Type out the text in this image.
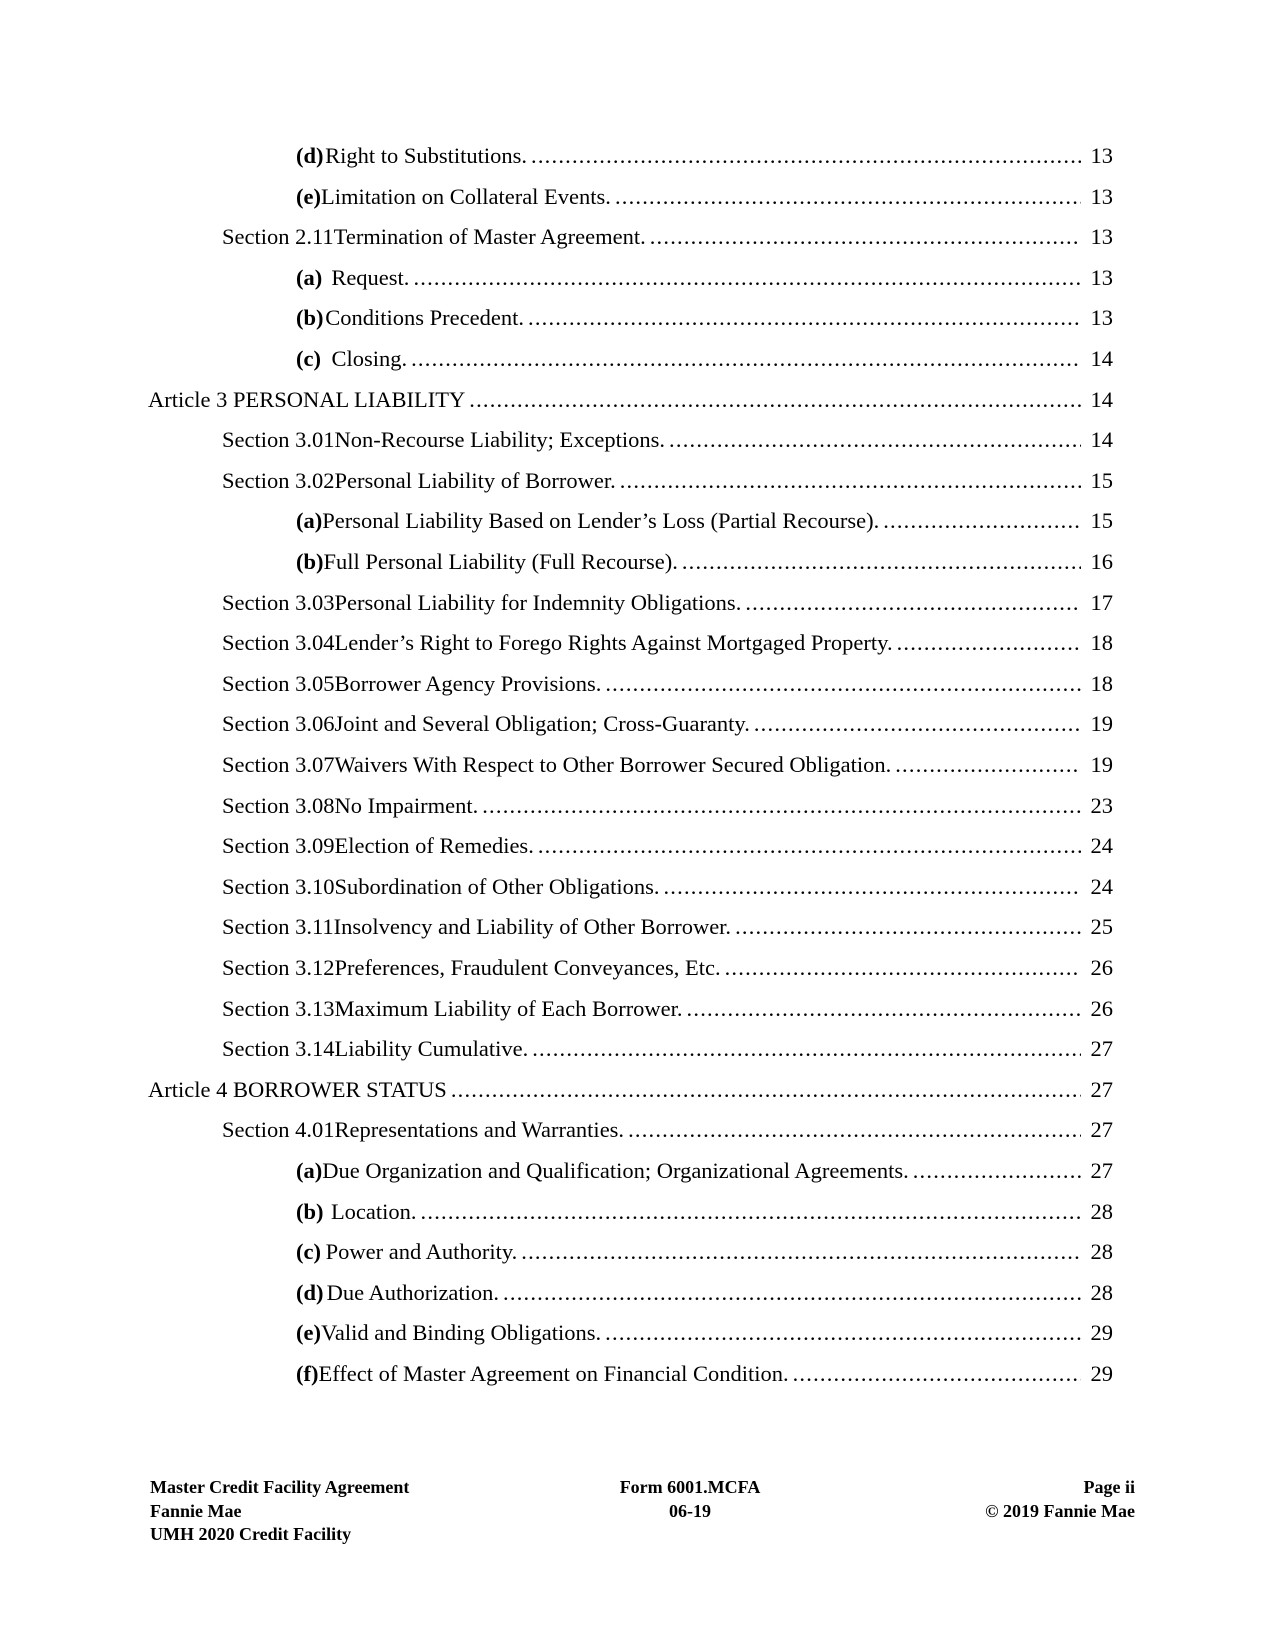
(d) Right to Substitutions. .....	13
(e) Limitation on Collateral Events. .....	13
Section 2.11 Termination of Master Agreement. .....	13
(a) Request. .....	13
(b) Conditions Precedent. .....	13
(c) Closing. .....	14
Article 3 PERSONAL LIABILITY .....	14
Section 3.01 Non-Recourse Liability; Exceptions. .....	14
Section 3.02 Personal Liability of Borrower. .....	15
(a) Personal Liability Based on Lender’s Loss (Partial Recourse). .....	15
(b) Full Personal Liability (Full Recourse). .....	16
Section 3.03 Personal Liability for Indemnity Obligations. .....	17
Section 3.04 Lender’s Right to Forego Rights Against Mortgaged Property. .....	18
Section 3.05 Borrower Agency Provisions. .....	18
Section 3.06 Joint and Several Obligation; Cross-Guaranty. .....	19
Section 3.07 Waivers With Respect to Other Borrower Secured Obligation. .....	19
Section 3.08 No Impairment. .....	23
Section 3.09 Election of Remedies. .....	24
Section 3.10 Subordination of Other Obligations. .....	24
Section 3.11 Insolvency and Liability of Other Borrower. .....	25
Section 3.12 Preferences, Fraudulent Conveyances, Etc. .....	26
Section 3.13 Maximum Liability of Each Borrower. .....	26
Section 3.14 Liability Cumulative. .....	27
Article 4 BORROWER STATUS .....	27
Section 4.01 Representations and Warranties. .....	27
(a) Due Organization and Qualification; Organizational Agreements. .....	27
(b) Location. .....	28
(c) Power and Authority. .....	28
(d) Due Authorization. .....	28
(e) Valid and Binding Obligations. .....	29
(f) Effect of Master Agreement on Financial Condition. .....	29
Master Credit Facility Agreement
Fannie Mae
UMH 2020 Credit Facility
Form 6001.MCFA
06-19
Page ii
© 2019 Fannie Mae
